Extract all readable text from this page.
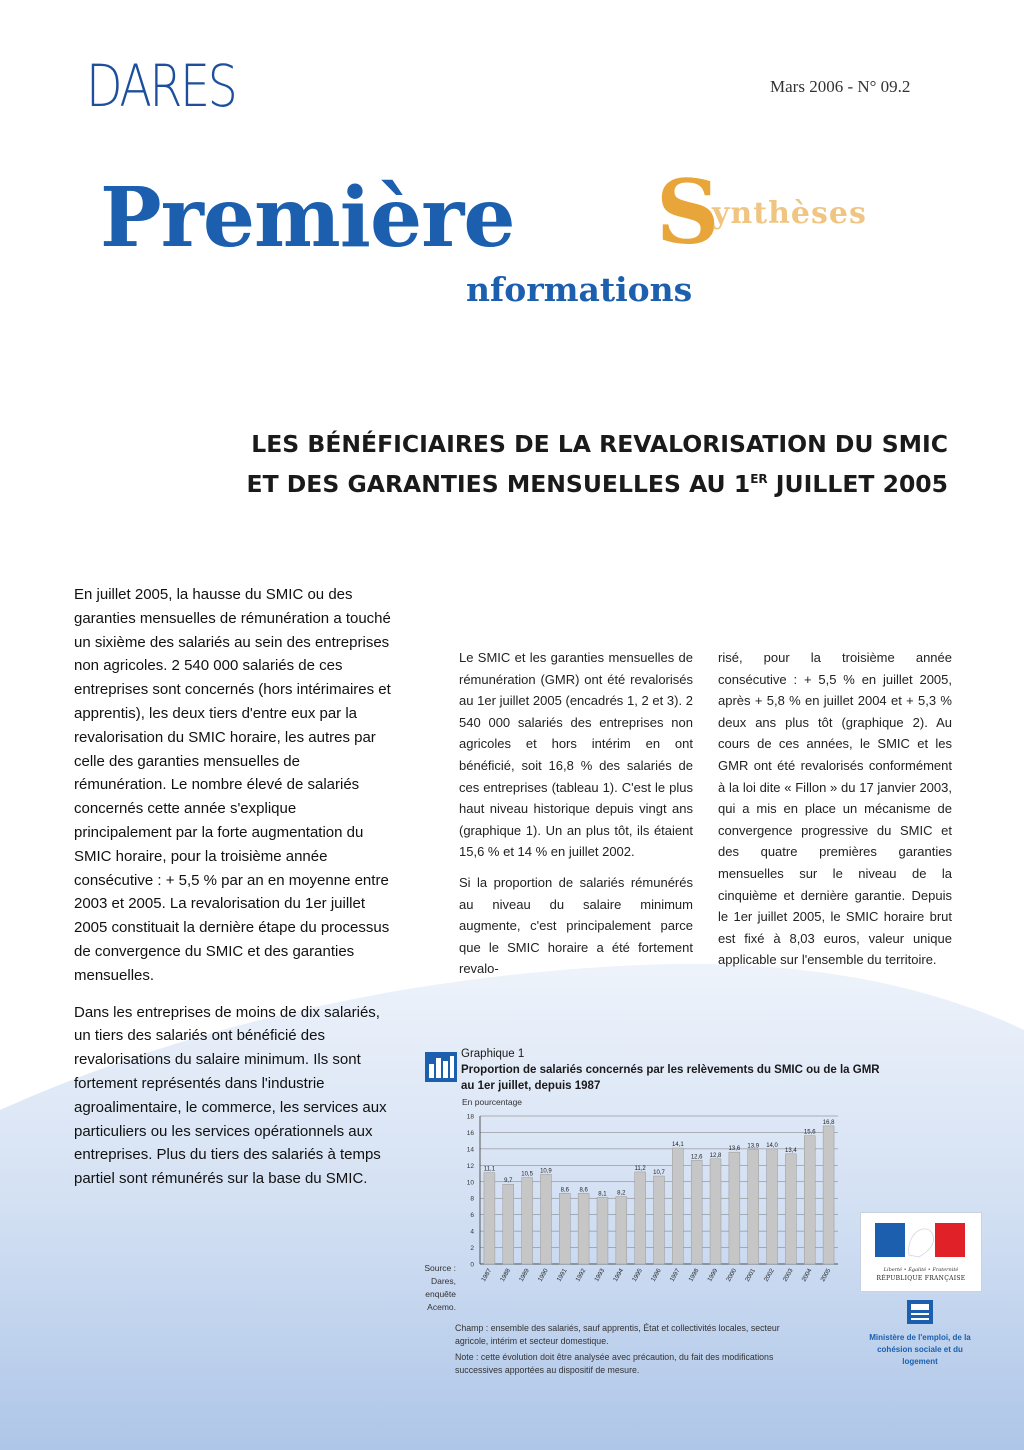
DARES	Mars 2006 - N° 09.2
Première S
ynthèses
nformations
LES BÉNÉFICIAIRES DE LA REVALORISATION DU SMIC
ET DES GARANTIES MENSUELLES AU 1ER JUILLET 2005

En juillet 2005, la hausse du SMIC ou des garanties mensuelles de rémunération a touché un sixième des salariés au sein des entreprises non agricoles. 2 540 000 salariés de ces entreprises sont concernés (hors intérimaires et apprentis), les deux tiers d'entre eux par la revalorisation du SMIC horaire, les autres par celle des garanties mensuelles de rémunération. Le nombre élevé de salariés concernés cette année s'explique principalement par la forte augmentation du SMIC horaire, pour la troisième année consécutive : + 5,5 % par an en moyenne entre 2003 et 2005. La revalorisation du 1er juillet 2005 constituait la dernière étape du processus de convergence du SMIC et des garanties mensuelles.

Dans les entreprises de moins de dix salariés, un tiers des salariés ont bénéficié des revalorisations du salaire minimum. Ils sont fortement représentés dans l'industrie agroalimentaire, le commerce, les services aux particuliers ou les services opérationnels aux entreprises. Plus du tiers des salariés à temps partiel sont rémunérés sur la base du SMIC.

Le SMIC et les garanties mensuelles de rémunération (GMR) ont été revalorisés au 1er juillet 2005 (encadrés 1, 2 et 3). 2 540 000 salariés des entreprises non agricoles et hors intérim en ont bénéficié, soit 16,8 % des salariés de ces entreprises (tableau 1). C'est le plus haut niveau historique depuis vingt ans (graphique 1). Un an plus tôt, ils étaient 15,6 % et 14 % en juillet 2002.

Si la proportion de salariés rémunérés au niveau du salaire minimum augmente, c'est principalement parce que le SMIC horaire a été fortement revalo-

risé, pour la troisième année consécutive : + 5,5 % en juillet 2005, après + 5,8 % en juillet 2004 et + 5,3 % deux ans plus tôt (graphique 2). Au cours de ces années, le SMIC et les GMR ont été revalorisés conformément à la loi dite « Fillon » du 17 janvier 2003, qui a mis en place un mécanisme de convergence progressive du SMIC et des quatre premières garanties mensuelles sur le niveau de la cinquième et dernière garantie. Depuis le 1er juillet 2005, le SMIC horaire brut est fixé à 8,03 euros, valeur unique applicable sur l'ensemble du territoire.

Graphique 1
Proportion de salariés concernés par les relèvements du SMIC ou de la GMR au 1er juillet, depuis 1987
En pourcentage
0
2
4
6
8
10
12
14
16
18
11,1
1987
9,7
1988
10,5
1989
10,9
1990
8,6
1991
8,6
1992
8,1
1993
8,2
1994
11,2
1995
10,7
1996
14,1
1997
12,6
1998
12,8
1999
13,6
2000
13,9
2001
14,0
2002
13,4
2003
15,6
2004
16,8
2005
Source : Dares, enquête Acemo.

Champ : ensemble des salariés, sauf apprentis, État et collectivités locales, secteur agricole, intérim et secteur domestique.

Note : cette évolution doit être analysée avec précaution, du fait des modifications successives apportées au dispositif de mesure.

Liberté • Égalité • Fraternité
RÉPUBLIQUE FRANÇAISE
Ministère de l'emploi, de la cohésion sociale et du logement
